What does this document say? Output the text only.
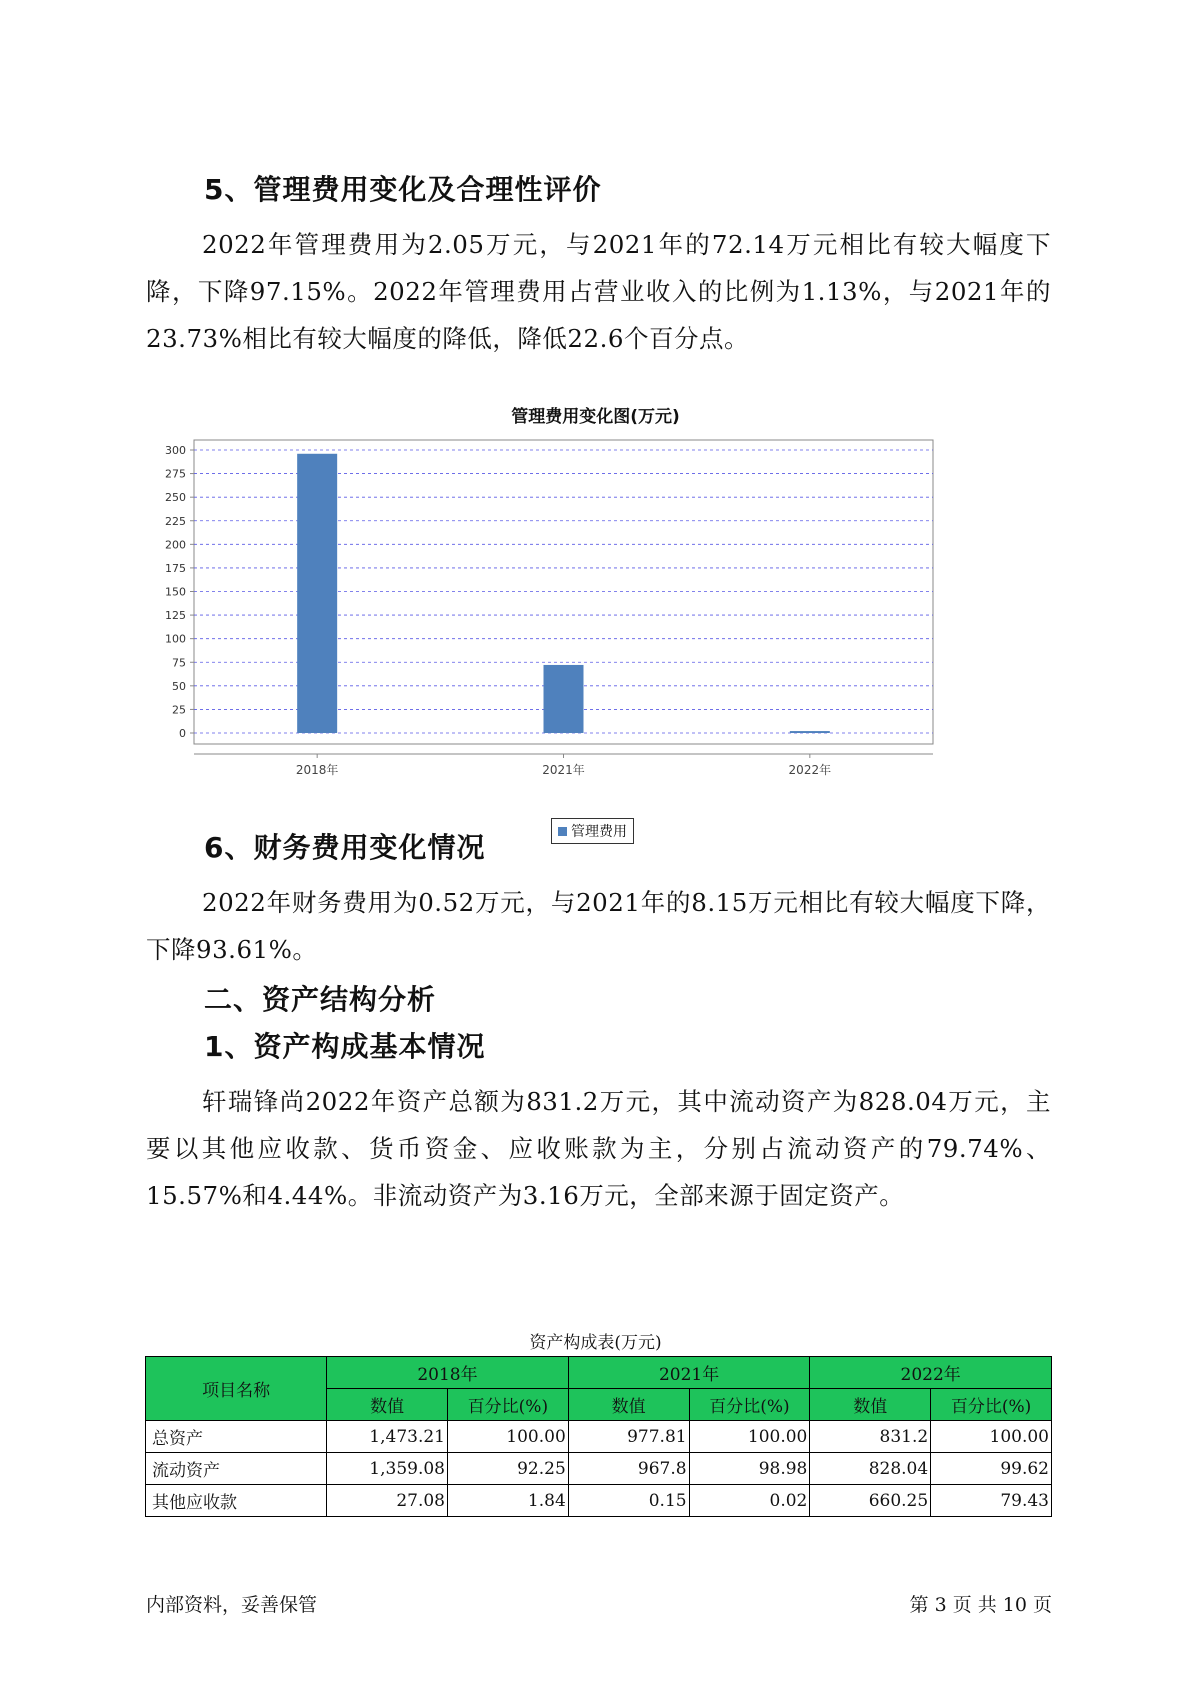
5、管理费用变化及合理性评价
2022年管理费用为2.05万元，与2021年的72.14万元相比有较大幅度下降，下降97.15%。2022年管理费用占营业收入的比例为1.13%，与2021年的23.73%相比有较大幅度的降低，降低22.6个百分点。
管理费用变化图(万元)
0
25
50
75
100
125
150
175
200
225
250
275
300
2018年	2021年	2022年
管理费用
6、财务费用变化情况
2022年财务费用为0.52万元，与2021年的8.15万元相比有较大幅度下降，下降93.61%。
二、资产结构分析
1、资产构成基本情况
轩瑞锋尚2022年资产总额为831.2万元，其中流动资产为828.04万元，主要以其他应收款、货币资金、应收账款为主，分别占流动资产的79.74%、15.57%和4.44%。非流动资产为3.16万元，全部来源于固定资产。
资产构成表(万元)
项目名称	2018年		2021年		2022年	
	数值	百分比(%)	数值	百分比(%)	数值	百分比(%)
总资产	1,473.21	100.00	977.81	100.00	831.2	100.00
流动资产	1,359.08	92.25	967.8	98.98	828.04	99.62
其他应收款	27.08	1.84	0.15	0.02	660.25	79.43
内部资料，妥善保管	第 3 页 共 10 页
